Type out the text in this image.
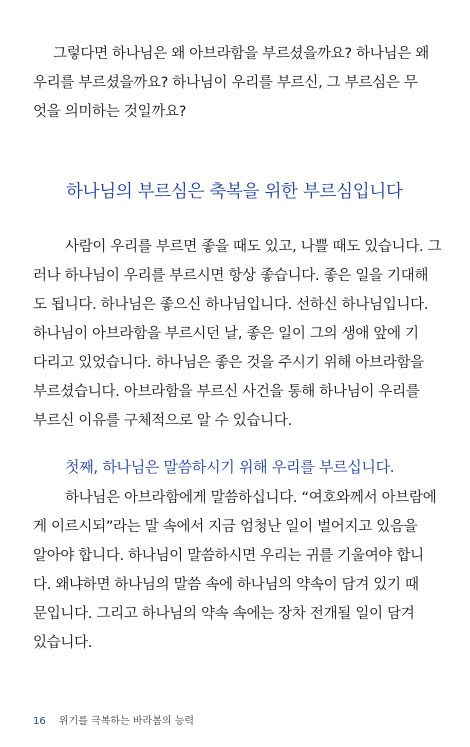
그렇다면 하나님은 왜 아브라함을 부르셨을까요? 하나님은 왜
우리를 부르셨을까요? 하나님이 우리를 부르신, 그 부르심은 무
엇을 의미하는 것일까요?
하나님의 부르심은 축복을 위한 부르심입니다
사람이 우리를 부르면 좋을 때도 있고, 나쁠 때도 있습니다. 그
러나 하나님이 우리를 부르시면 항상 좋습니다. 좋은 일을 기대해
도 됩니다. 하나님은 좋으신 하나님입니다. 선하신 하나님입니다.
하나님이 아브라함을 부르시던 날, 좋은 일이 그의 생애 앞에 기
다리고 있었습니다. 하나님은 좋은 것을 주시기 위해 아브라함을
부르셨습니다. 아브라함을 부르신 사건을 통해 하나님이 우리를
부르신 이유를 구체적으로 알 수 있습니다.
첫째, 하나님은 말씀하시기 위해 우리를 부르십니다.
하나님은 아브라함에게 말씀하십니다. “여호와께서 아브람에
게 이르시되”라는 말 속에서 지금 엄청난 일이 벌어지고 있음을
알아야 합니다. 하나님이 말씀하시면 우리는 귀를 기울여야 합니
다. 왜냐하면 하나님의 말씀 속에 하나님의 약속이 담겨 있기 때
문입니다. 그리고 하나님의 약속 속에는 장차 전개될 일이 담겨
있습니다.
16 위기를 극복하는 바라봄의 능력
